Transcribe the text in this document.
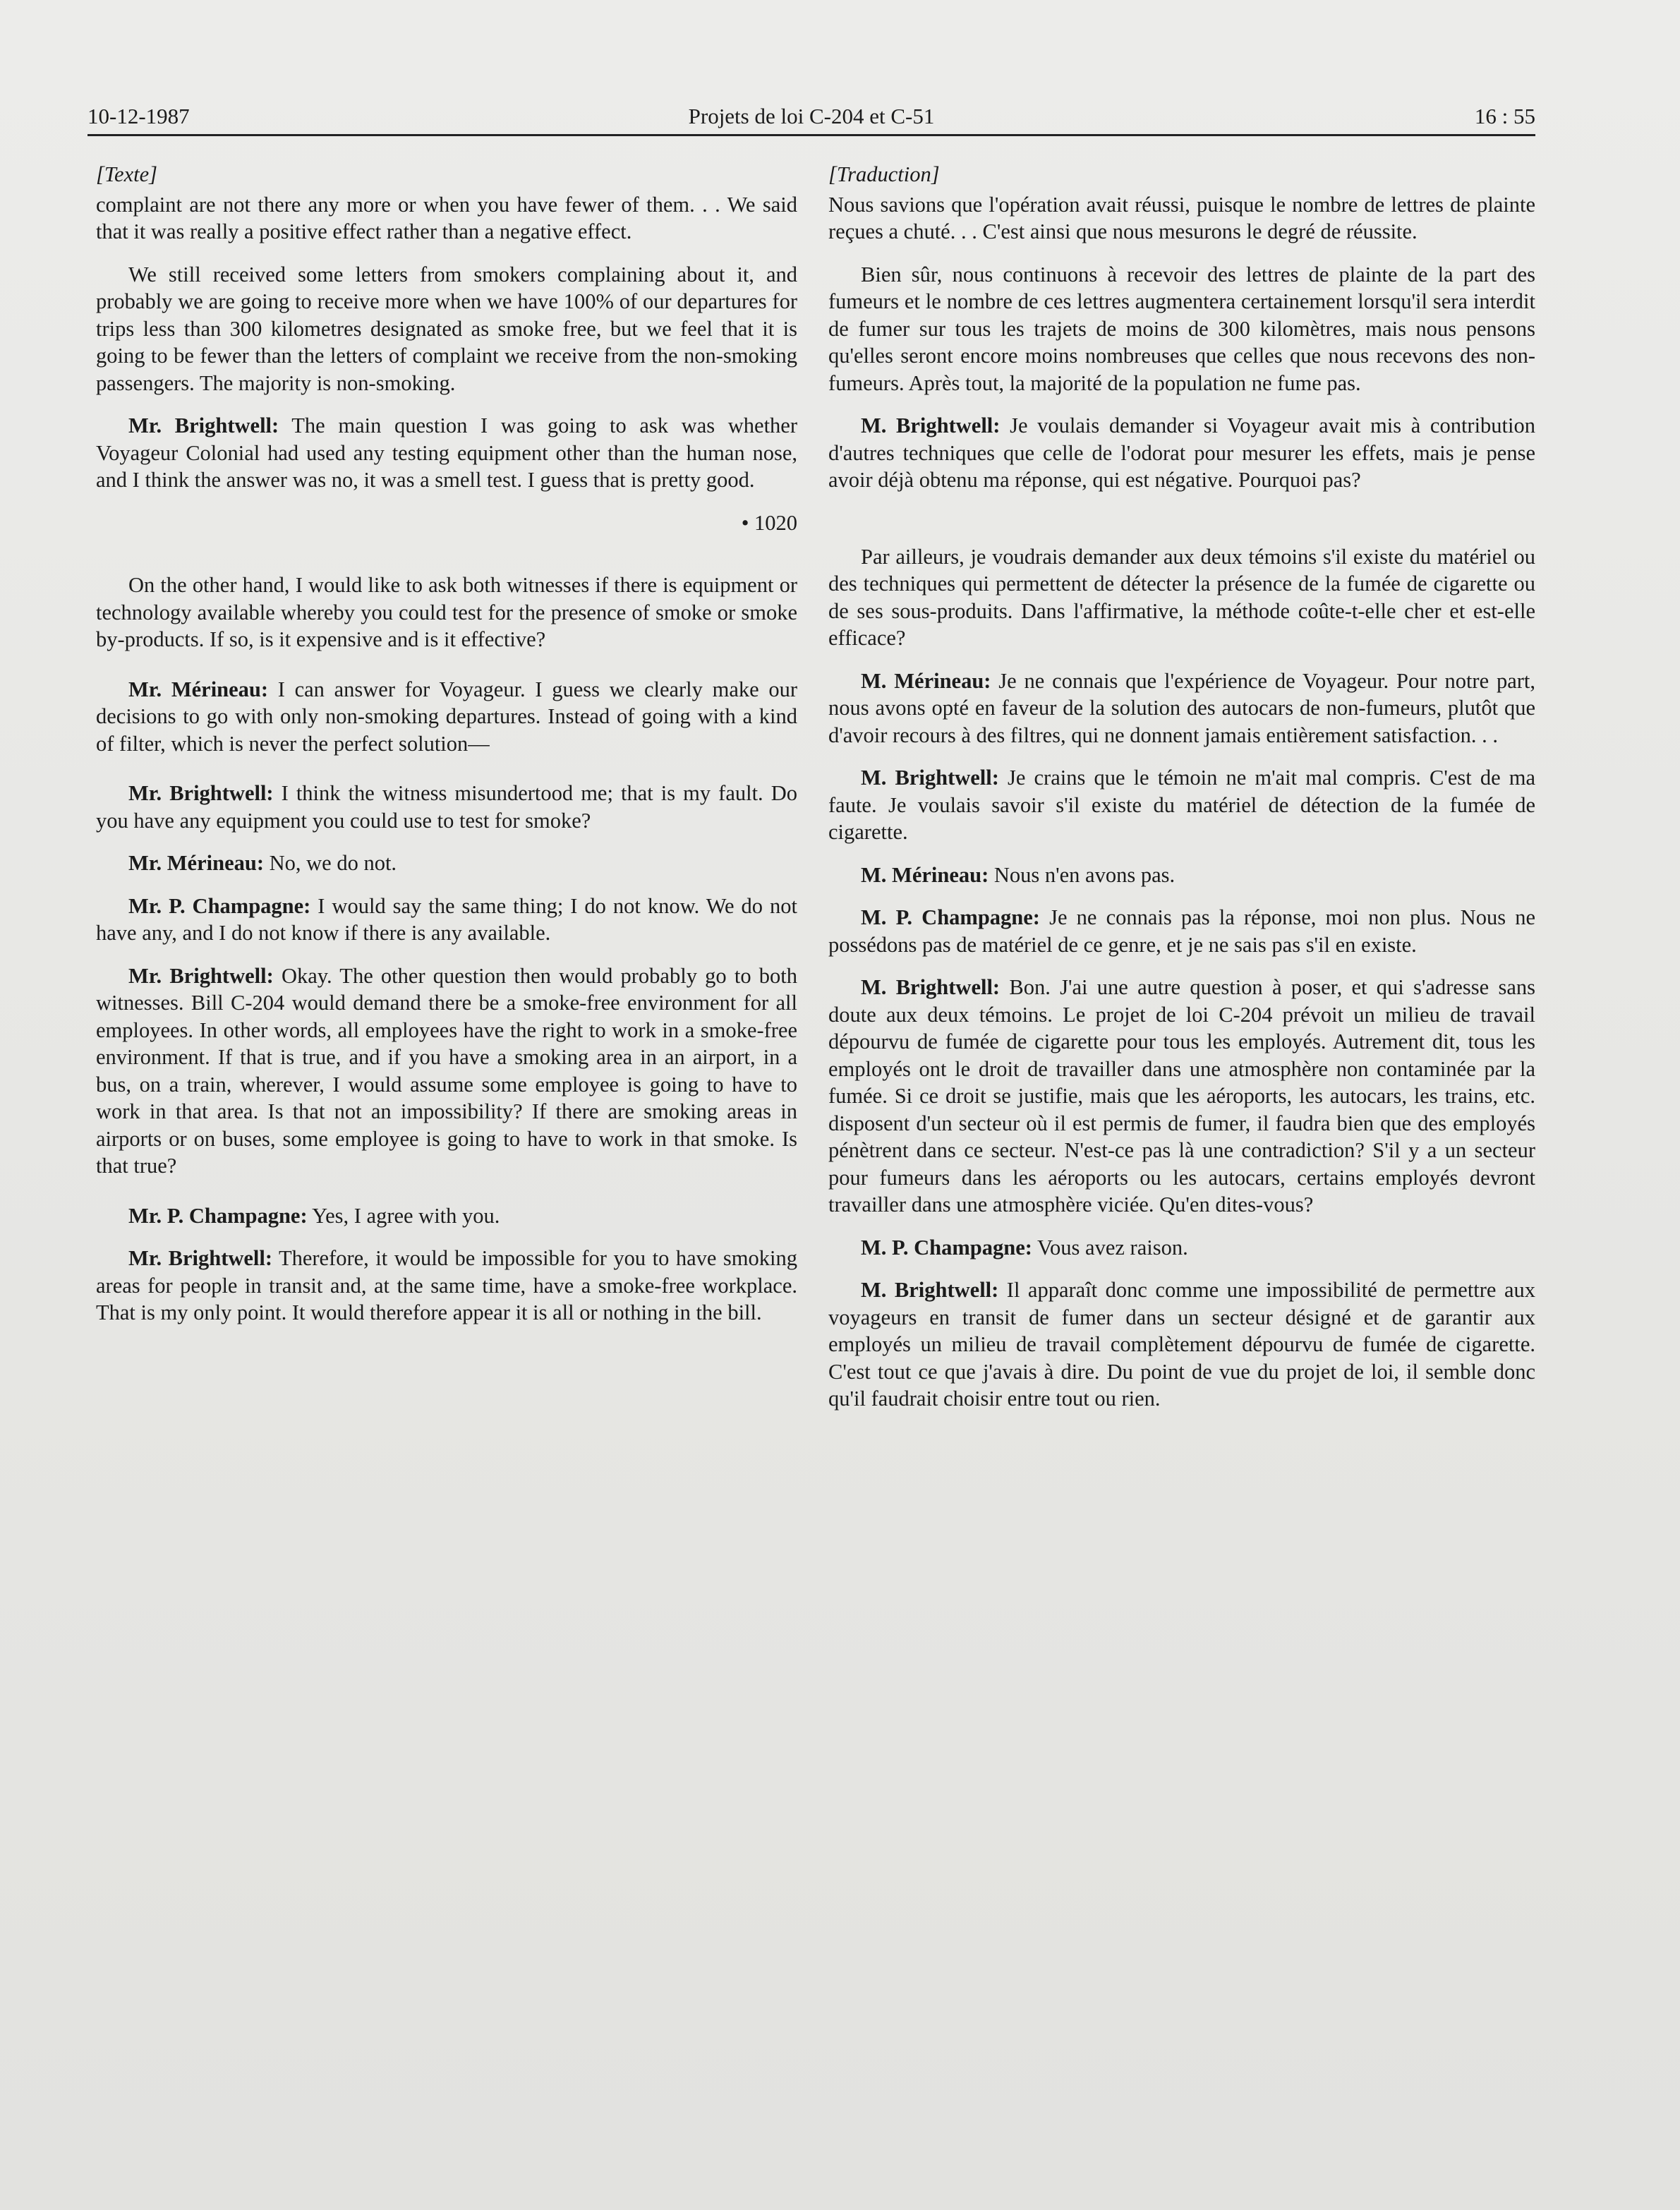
10-12-1987	Projets de loi C-204 et C-51	16 : 55
[Texte]

complaint are not there any more or when you have fewer of them. . . We said that it was really a positive effect rather than a negative effect.

We still received some letters from smokers complaining about it, and probably we are going to receive more when we have 100% of our departures for trips less than 300 kilometres designated as smoke free, but we feel that it is going to be fewer than the letters of complaint we receive from the non-smoking passengers. The majority is non-smoking.

Mr. Brightwell: The main question I was going to ask was whether Voyageur Colonial had used any testing equipment other than the human nose, and I think the answer was no, it was a smell test. I guess that is pretty good.

• 1020

On the other hand, I would like to ask both witnesses if there is equipment or technology available whereby you could test for the presence of smoke or smoke by-products. If so, is it expensive and is it effective?

Mr. Mérineau: I can answer for Voyageur. I guess we clearly make our decisions to go with only non-smoking departures. Instead of going with a kind of filter, which is never the perfect solution—

Mr. Brightwell: I think the witness misundertood me; that is my fault. Do you have any equipment you could use to test for smoke?

Mr. Mérineau: No, we do not.

Mr. P. Champagne: I would say the same thing; I do not know. We do not have any, and I do not know if there is any available.

Mr. Brightwell: Okay. The other question then would probably go to both witnesses. Bill C-204 would demand there be a smoke-free environment for all employees. In other words, all employees have the right to work in a smoke-free environment. If that is true, and if you have a smoking area in an airport, in a bus, on a train, wherever, I would assume some employee is going to have to work in that area. Is that not an impossibility? If there are smoking areas in airports or on buses, some employee is going to have to work in that smoke. Is that true?

Mr. P. Champagne: Yes, I agree with you.

Mr. Brightwell: Therefore, it would be impossible for you to have smoking areas for people in transit and, at the same time, have a smoke-free workplace. That is my only point. It would therefore appear it is all or nothing in the bill.

[Traduction]

Nous savions que l'opération avait réussi, puisque le nombre de lettres de plainte reçues a chuté. . . C'est ainsi que nous mesurons le degré de réussite.

Bien sûr, nous continuons à recevoir des lettres de plainte de la part des fumeurs et le nombre de ces lettres augmentera certainement lorsqu'il sera interdit de fumer sur tous les trajets de moins de 300 kilomètres, mais nous pensons qu'elles seront encore moins nombreuses que celles que nous recevons des non-fumeurs. Après tout, la majorité de la population ne fume pas.

M. Brightwell: Je voulais demander si Voyageur avait mis à contribution d'autres techniques que celle de l'odorat pour mesurer les effets, mais je pense avoir déjà obtenu ma réponse, qui est négative. Pourquoi pas?

Par ailleurs, je voudrais demander aux deux témoins s'il existe du matériel ou des techniques qui permettent de détecter la présence de la fumée de cigarette ou de ses sous-produits. Dans l'affirmative, la méthode coûte-t-elle cher et est-elle efficace?

M. Mérineau: Je ne connais que l'expérience de Voyageur. Pour notre part, nous avons opté en faveur de la solution des autocars de non-fumeurs, plutôt que d'avoir recours à des filtres, qui ne donnent jamais entièrement satisfaction. . .

M. Brightwell: Je crains que le témoin ne m'ait mal compris. C'est de ma faute. Je voulais savoir s'il existe du matériel de détection de la fumée de cigarette.

M. Mérineau: Nous n'en avons pas.

M. P. Champagne: Je ne connais pas la réponse, moi non plus. Nous ne possédons pas de matériel de ce genre, et je ne sais pas s'il en existe.

M. Brightwell: Bon. J'ai une autre question à poser, et qui s'adresse sans doute aux deux témoins. Le projet de loi C-204 prévoit un milieu de travail dépourvu de fumée de cigarette pour tous les employés. Autrement dit, tous les employés ont le droit de travailler dans une atmosphère non contaminée par la fumée. Si ce droit se justifie, mais que les aéroports, les autocars, les trains, etc. disposent d'un secteur où il est permis de fumer, il faudra bien que des employés pénètrent dans ce secteur. N'est-ce pas là une contradiction? S'il y a un secteur pour fumeurs dans les aéroports ou les autocars, certains employés devront travailler dans une atmosphère viciée. Qu'en dites-vous?

M. P. Champagne: Vous avez raison.

M. Brightwell: Il apparaît donc comme une impossibilité de permettre aux voyageurs en transit de fumer dans un secteur désigné et de garantir aux employés un milieu de travail complètement dépourvu de fumée de cigarette. C'est tout ce que j'avais à dire. Du point de vue du projet de loi, il semble donc qu'il faudrait choisir entre tout ou rien.
